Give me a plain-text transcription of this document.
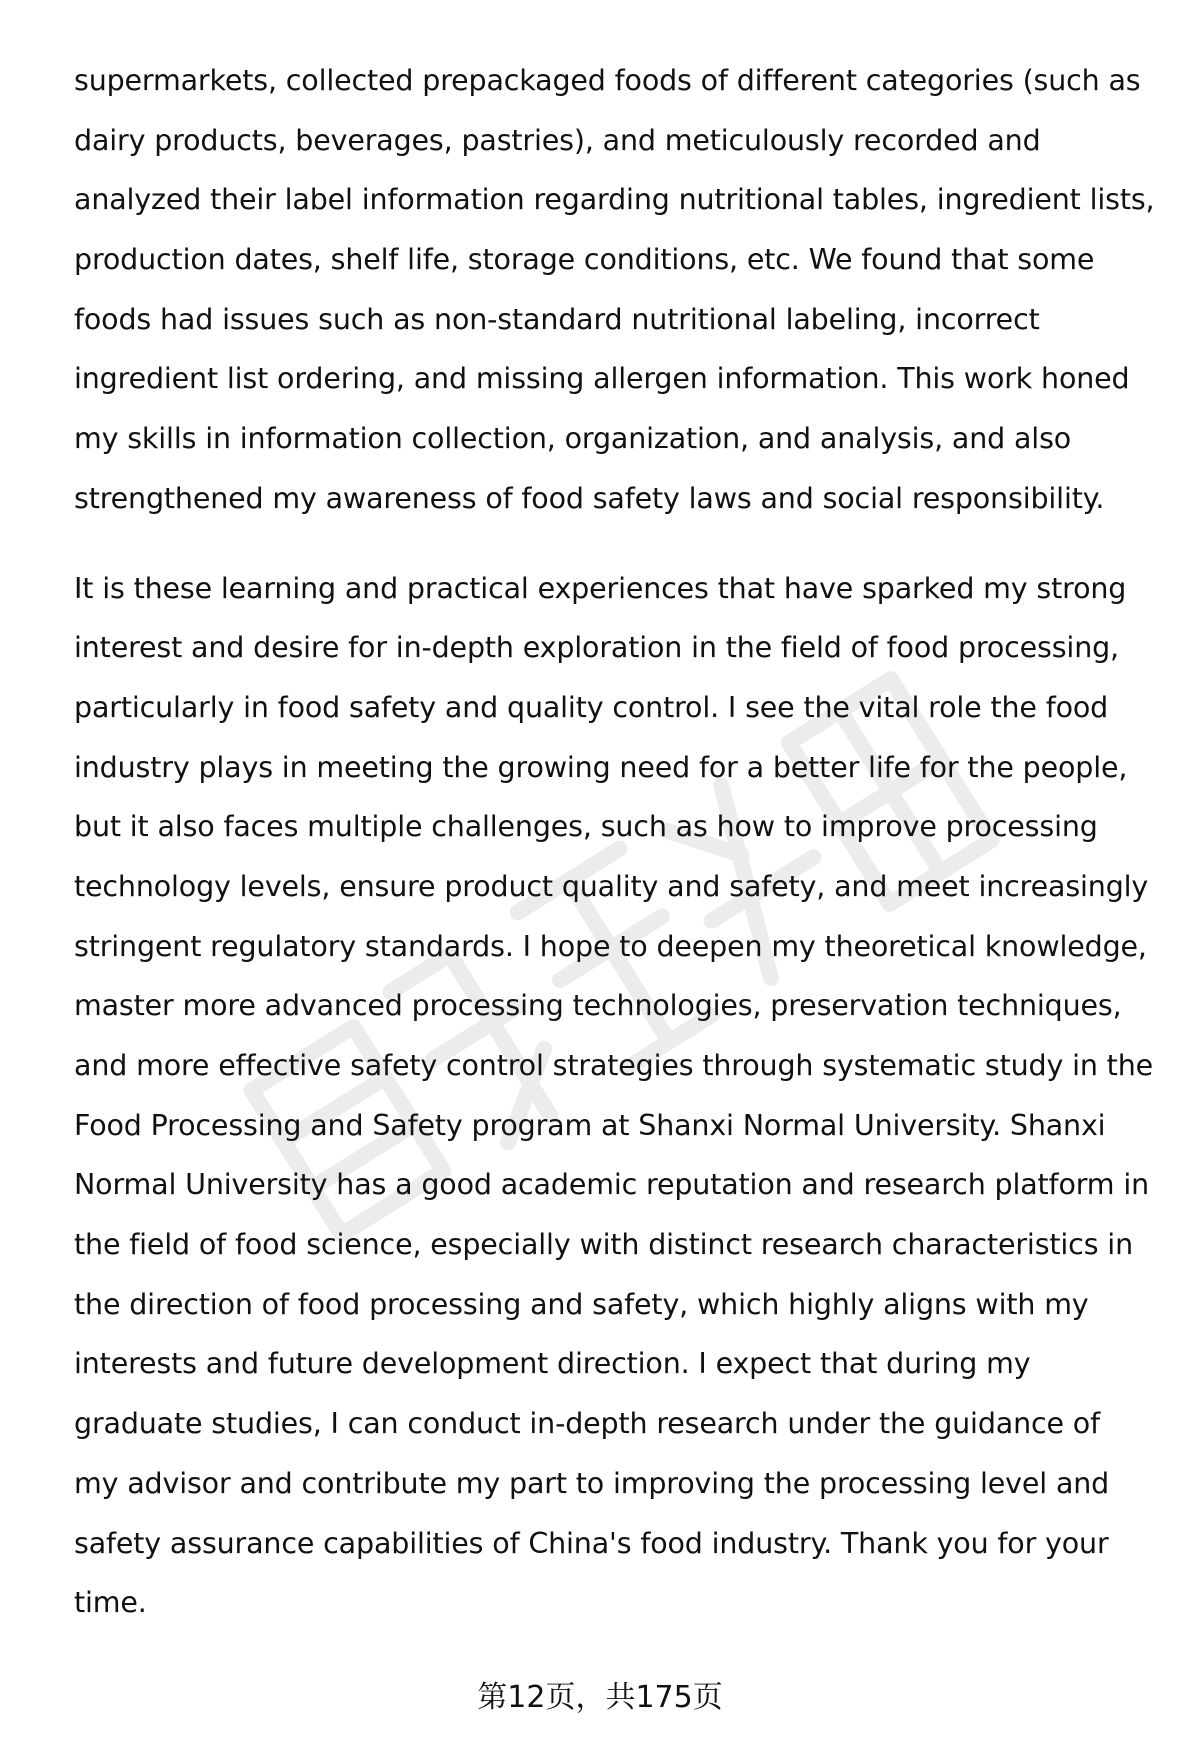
supermarkets, collected prepackaged foods of different categories (such as
dairy products, beverages, pastries), and meticulously recorded and
analyzed their label information regarding nutritional tables, ingredient lists,
production dates, shelf life, storage conditions, etc. We found that some
foods had issues such as non-standard nutritional labeling, incorrect
ingredient list ordering, and missing allergen information. This work honed
my skills in information collection, organization, and analysis, and also
strengthened my awareness of food safety laws and social responsibility.
It is these learning and practical experiences that have sparked my strong
interest and desire for in-depth exploration in the field of food processing,
particularly in food safety and quality control. I see the vital role the food
industry plays in meeting the growing need for a better life for the people,
but it also faces multiple challenges, such as how to improve processing
technology levels, ensure product quality and safety, and meet increasingly
stringent regulatory standards. I hope to deepen my theoretical knowledge,
master more advanced processing technologies, preservation techniques,
and more effective safety control strategies through systematic study in the
Food Processing and Safety program at Shanxi Normal University. Shanxi
Normal University has a good academic reputation and research platform in
the field of food science, especially with distinct research characteristics in
the direction of food processing and safety, which highly aligns with my
interests and future development direction. I expect that during my
graduate studies, I can conduct in-depth research under the guidance of
my advisor and contribute my part to improving the processing level and
safety assurance capabilities of China's food industry. Thank you for your
time.
第12页，共175页
